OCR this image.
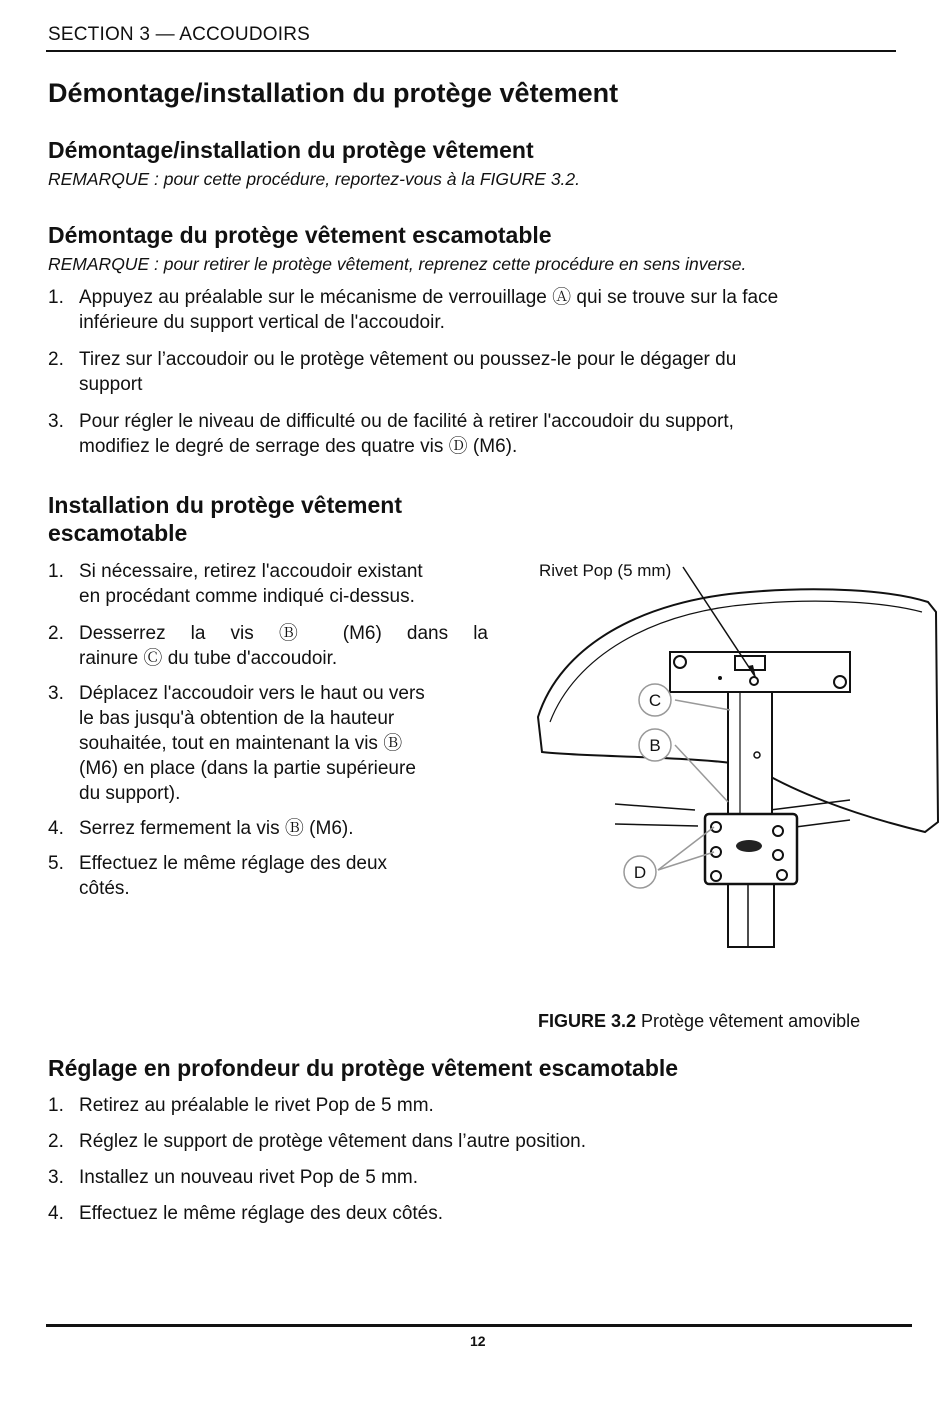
SECTION 3 — ACCOUDOIRS
Démontage/installation du protège vêtement
Démontage/installation du protège vêtement
REMARQUE : pour cette procédure, reportez-vous à la FIGURE 3.2.
Démontage du protège vêtement escamotable
REMARQUE : pour retirer le protège vêtement, reprenez cette procédure en sens inverse.
1. Appuyez au préalable sur le mécanisme de verrouillage Ⓐ qui se trouve sur la face
inférieure du support vertical de l'accoudoir.
2. Tirez sur l’accoudoir ou le protège vêtement ou poussez-le pour le dégager du
support
3. Pour régler le niveau de difficulté ou de facilité à retirer l'accoudoir du support,
modifiez le degré de serrage des quatre vis Ⓓ (M6).
Installation du protège vêtement
escamotable
1. Si nécessaire, retirez l'accoudoir existant
en procédant comme indiqué ci-dessus.
2. Desserrez la vis Ⓑ (M6) dans la
rainure Ⓒ du tube d'accoudoir.
3. Déplacez l'accoudoir vers le haut ou vers
le bas jusqu'à obtention de la hauteur
souhaitée, tout en maintenant la vis Ⓑ
(M6) en place (dans la partie supérieure
du support).
4. Serrez fermement la vis Ⓑ (M6).
5. Effectuez le même réglage des deux
côtés.
C
B
D
Rivet Pop (5 mm)
FIGURE 3.2 Protège vêtement amovible
Réglage en profondeur du protège vêtement escamotable
1. Retirez au préalable le rivet Pop de 5 mm.
2. Réglez le support de protège vêtement dans l’autre position.
3. Installez un nouveau rivet Pop de 5 mm.
4. Effectuez le même réglage des deux côtés.
12
